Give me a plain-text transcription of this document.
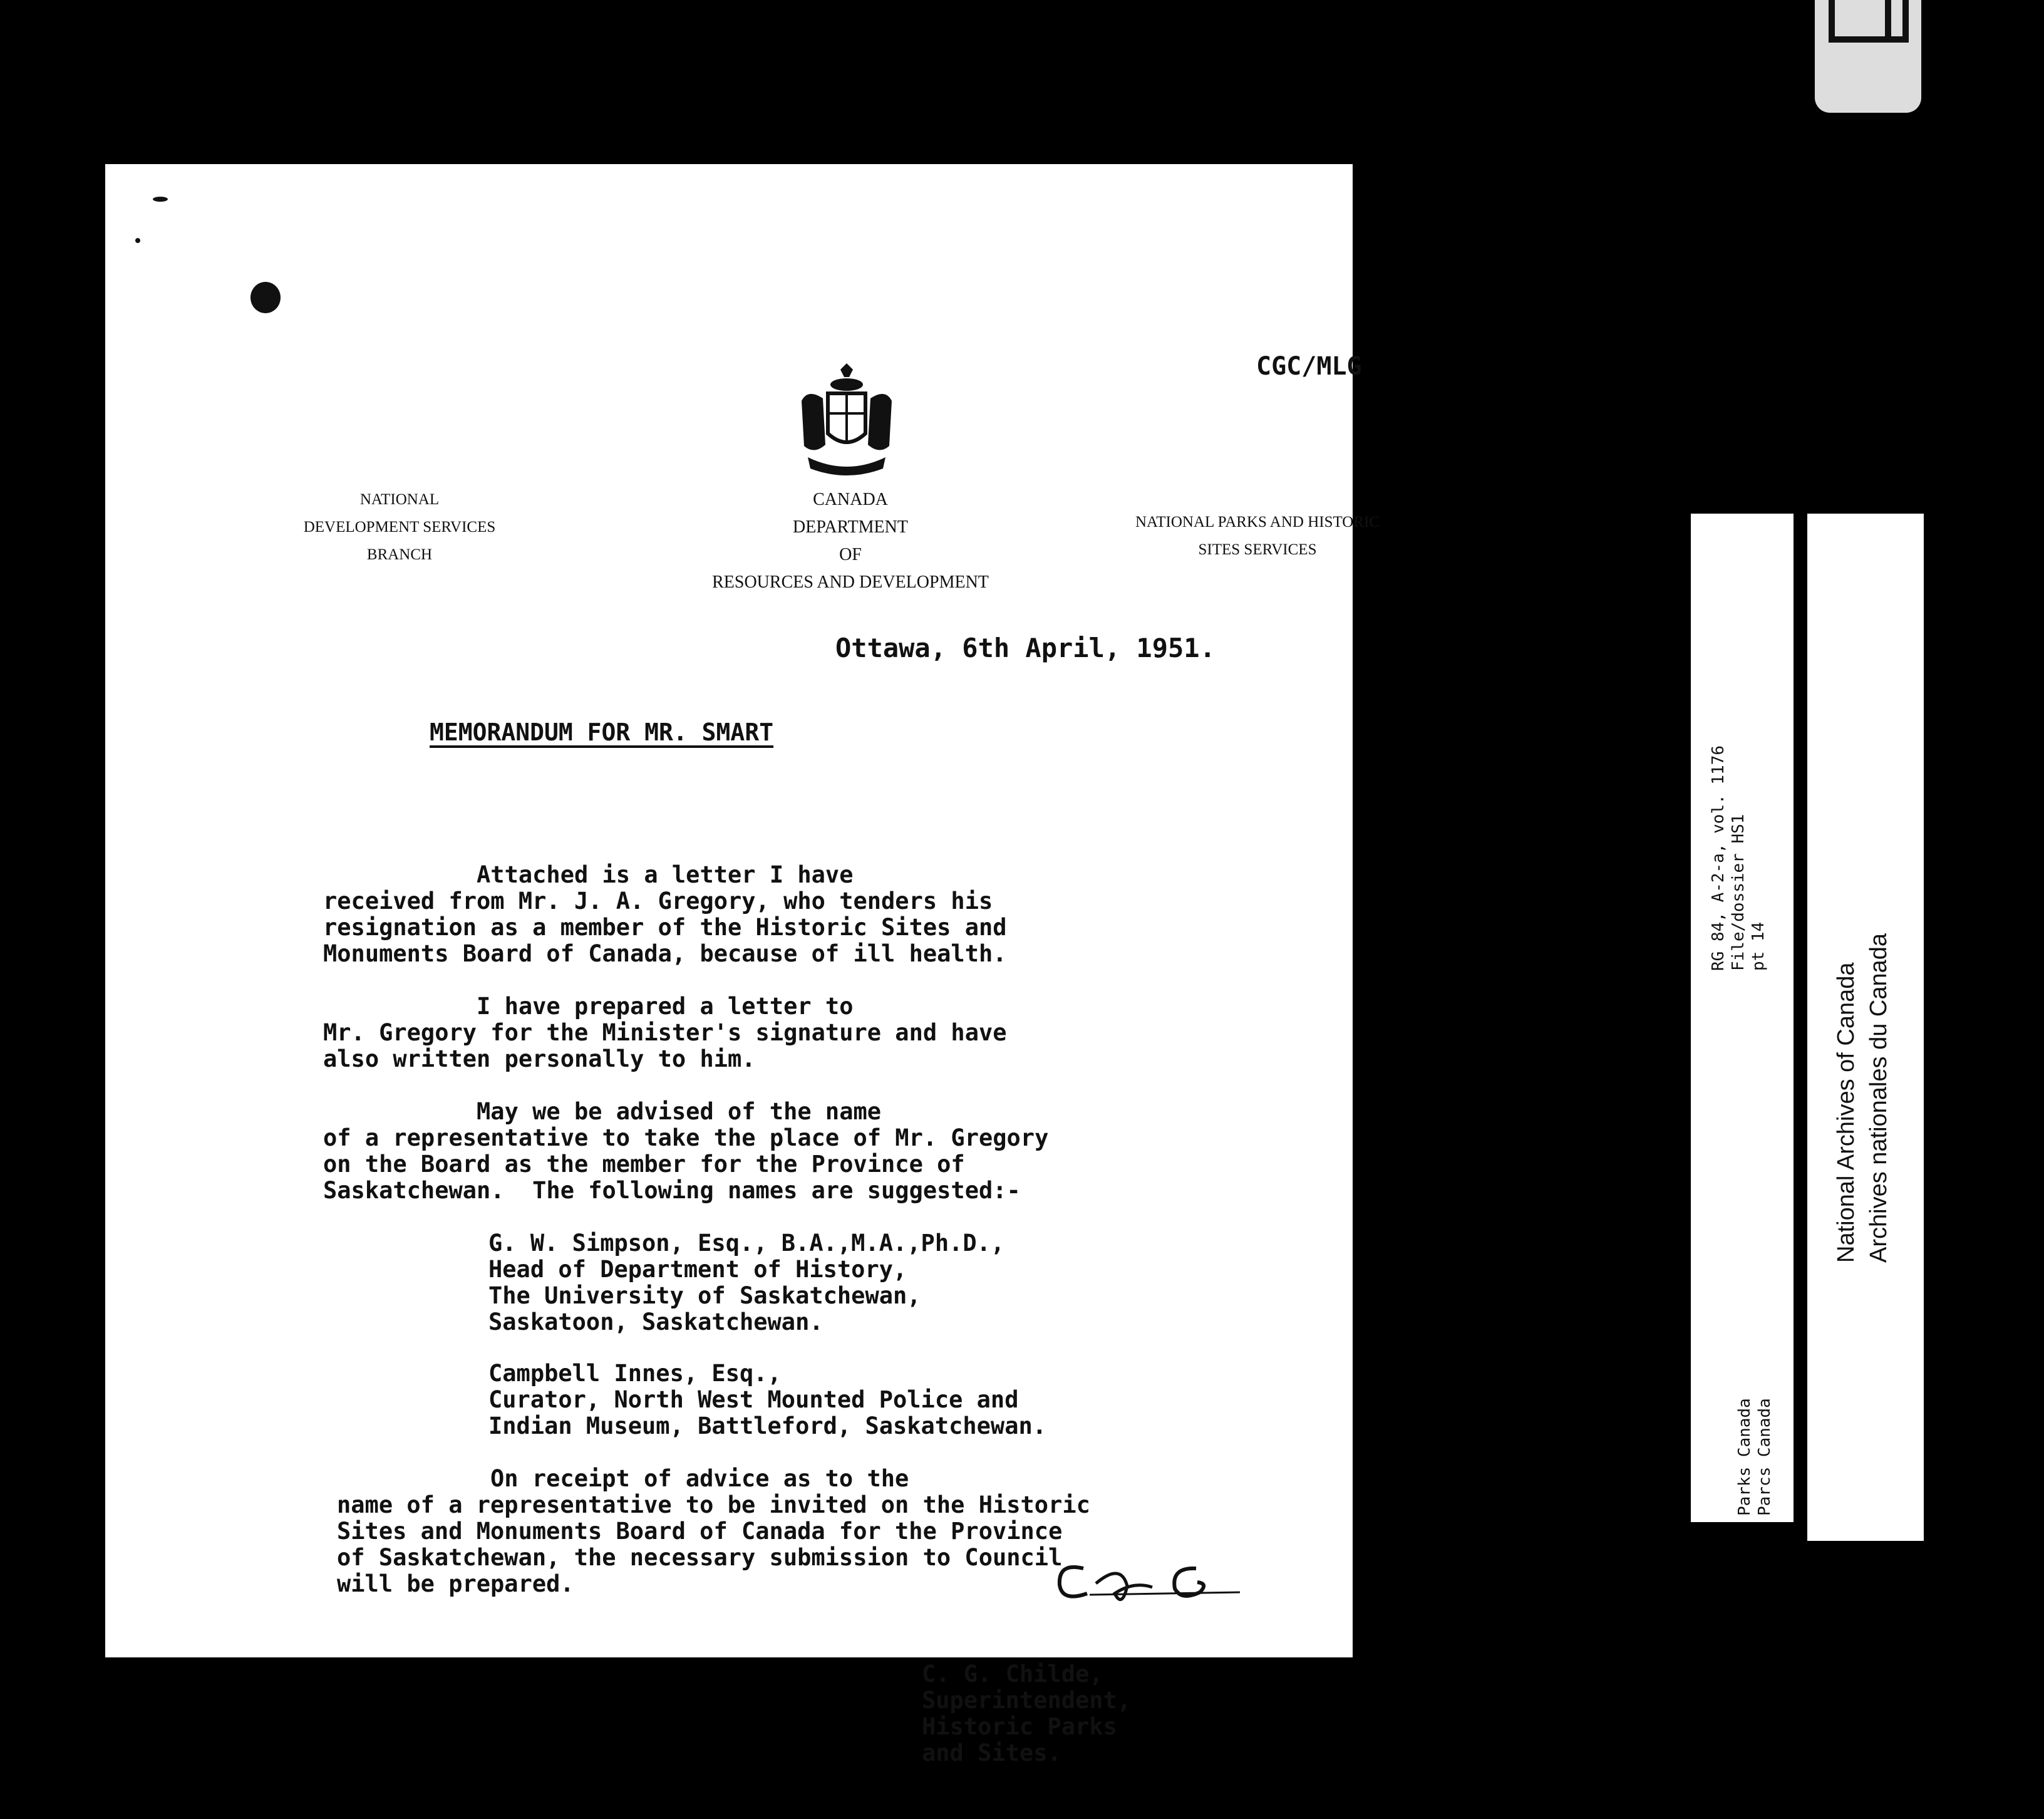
CGC/MLG
NATIONAL
DEVELOPMENT SERVICES
BRANCH
CANADA
DEPARTMENT
OF
RESOURCES AND DEVELOPMENT
NATIONAL PARKS AND HISTORIC
SITES SERVICES
Ottawa, 6th April, 1951.
MEMORANDUM FOR MR. SMART

Attached is a letter I have

received from Mr. J. A. Gregory, who tenders his

resignation as a member of the Historic Sites and

Monuments Board of Canada, because of ill health.

I have prepared a letter to

Mr. Gregory for the Minister's signature and have

also written personally to him.

May we be advised of the name

of a representative to take the place of Mr. Gregory

on the Board as the member for the Province of

Saskatchewan.  The following names are suggested:-

G. W. Simpson, Esq., B.A.,M.A.,Ph.D.,

Head of Department of History,

The University of Saskatchewan,

Saskatoon, Saskatchewan.

Campbell Innes, Esq.,

Curator, North West Mounted Police and

Indian Museum, Battleford, Saskatchewan.

On receipt of advice as to the

name of a representative to be invited on the Historic

Sites and Monuments Board of Canada for the Province

of Saskatchewan, the necessary submission to Council

will be prepared.

C. G. Childe,

Superintendent,

Historic Parks

and Sites.

RG 84, A-2-a, vol. 1176 File/dossier HS1 pt 14
Parks Canada Parcs Canada
National Archives of Canada Archives nationales du Canada
